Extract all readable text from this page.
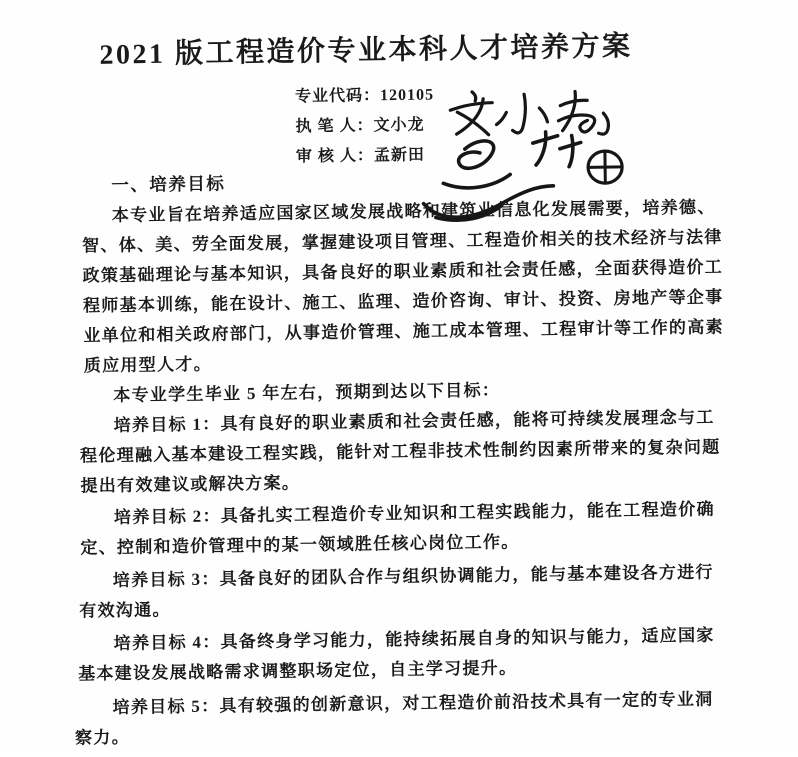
2021 版工程造价专业本科人才培养方案
专业代码：120105
执 笔 人：文小龙
审 核 人：孟新田
一、培养目标
本专业旨在培养适应国家区域发展战略和建筑业信息化发展需要，培养德、
智、体、美、劳全面发展，掌握建设项目管理、工程造价相关的技术经济与法律
政策基础理论与基本知识，具备良好的职业素质和社会责任感，全面获得造价工
程师基本训练，能在设计、施工、监理、造价咨询、审计、投资、房地产等企事
业单位和相关政府部门，从事造价管理、施工成本管理、工程审计等工作的高素
质应用型人才。
本专业学生毕业 5 年左右，预期到达以下目标：
培养目标 1：具有良好的职业素质和社会责任感，能将可持续发展理念与工
程伦理融入基本建设工程实践，能针对工程非技术性制约因素所带来的复杂问题
提出有效建议或解决方案。
培养目标 2：具备扎实工程造价专业知识和工程实践能力，能在工程造价确
定、控制和造价管理中的某一领域胜任核心岗位工作。
培养目标 3：具备良好的团队合作与组织协调能力，能与基本建设各方进行
有效沟通。
培养目标 4：具备终身学习能力，能持续拓展自身的知识与能力，适应国家
基本建设发展战略需求调整职场定位，自主学习提升。
培养目标 5：具有较强的创新意识，对工程造价前沿技术具有一定的专业洞
察力。
